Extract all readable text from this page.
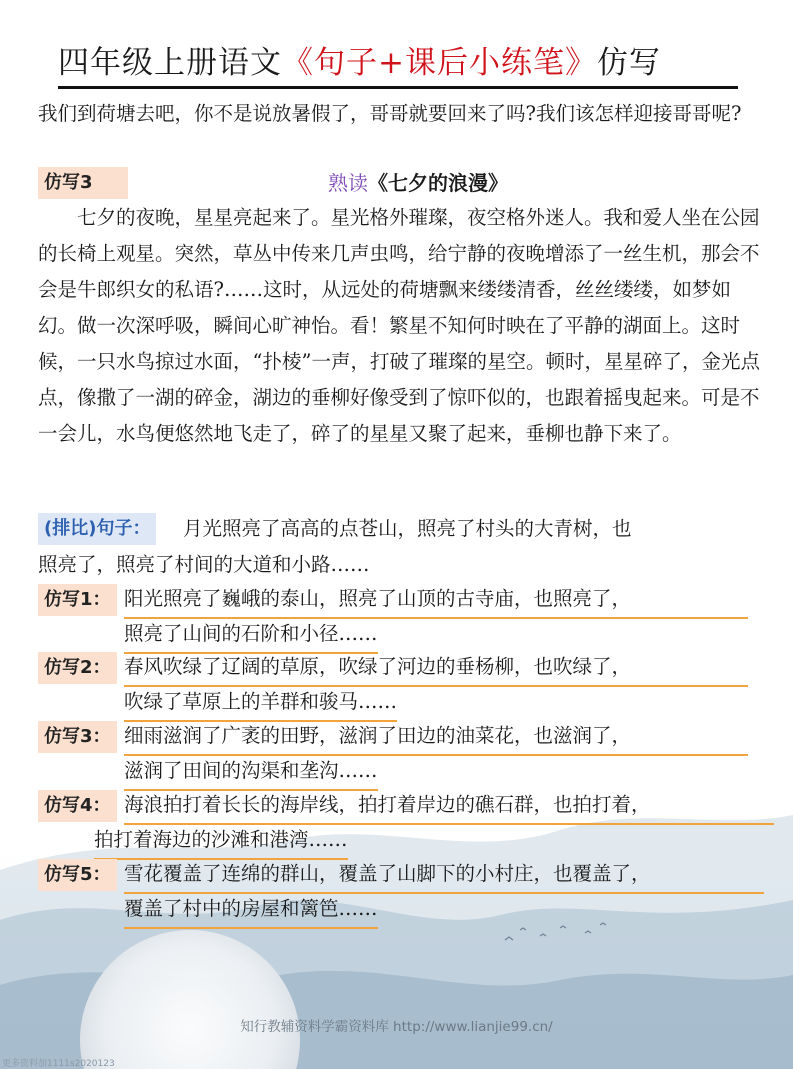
四年级上册语文《句子+课后小练笔》仿写
我们到荷塘去吧，你不是说放暑假了，哥哥就要回来了吗?我们该怎样迎接哥哥呢?
仿写3	熟读《七夕的浪漫》
七夕的夜晚，星星亮起来了。星光格外璀璨，夜空格外迷人。我和爱人坐在公园的长椅上观星。突然，草丛中传来几声虫鸣，给宁静的夜晚增添了一丝生机，那会不会是牛郎织女的私语?……这时，从远处的荷塘飘来缕缕清香，丝丝缕缕，如梦如幻。做一次深呼吸，瞬间心旷神怡。看！繁星不知何时映在了平静的湖面上。这时候，一只水鸟掠过水面，“扑棱”一声，打破了璀璨的星空。顿时，星星碎了，金光点点，像撒了一湖的碎金，湖边的垂柳好像受到了惊吓似的，也跟着摇曳起来。可是不一会儿，水鸟便悠然地飞走了，碎了的星星又聚了起来，垂柳也静下来了。
(排比)句子：	月光照亮了高高的点苍山，照亮了村头的大青树，也
照亮了，照亮了村间的大道和小路……
仿写1： 阳光照亮了巍峨的泰山，照亮了山顶的古寺庙，也照亮了，
照亮了山间的石阶和小径……
仿写2： 春风吹绿了辽阔的草原，吹绿了河边的垂杨柳，也吹绿了，
吹绿了草原上的羊群和骏马……
仿写3： 细雨滋润了广袤的田野，滋润了田边的油菜花，也滋润了，
滋润了田间的沟渠和垄沟……
仿写4： 海浪拍打着长长的海岸线，拍打着岸边的礁石群，也拍打着，
拍打着海边的沙滩和港湾……
仿写5： 雪花覆盖了连绵的群山，覆盖了山脚下的小村庄，也覆盖了，
覆盖了村中的房屋和篱笆……
知行教辅资料学霸资料库 http://www.lianjie99.cn/
更多资料加1111s2020123
